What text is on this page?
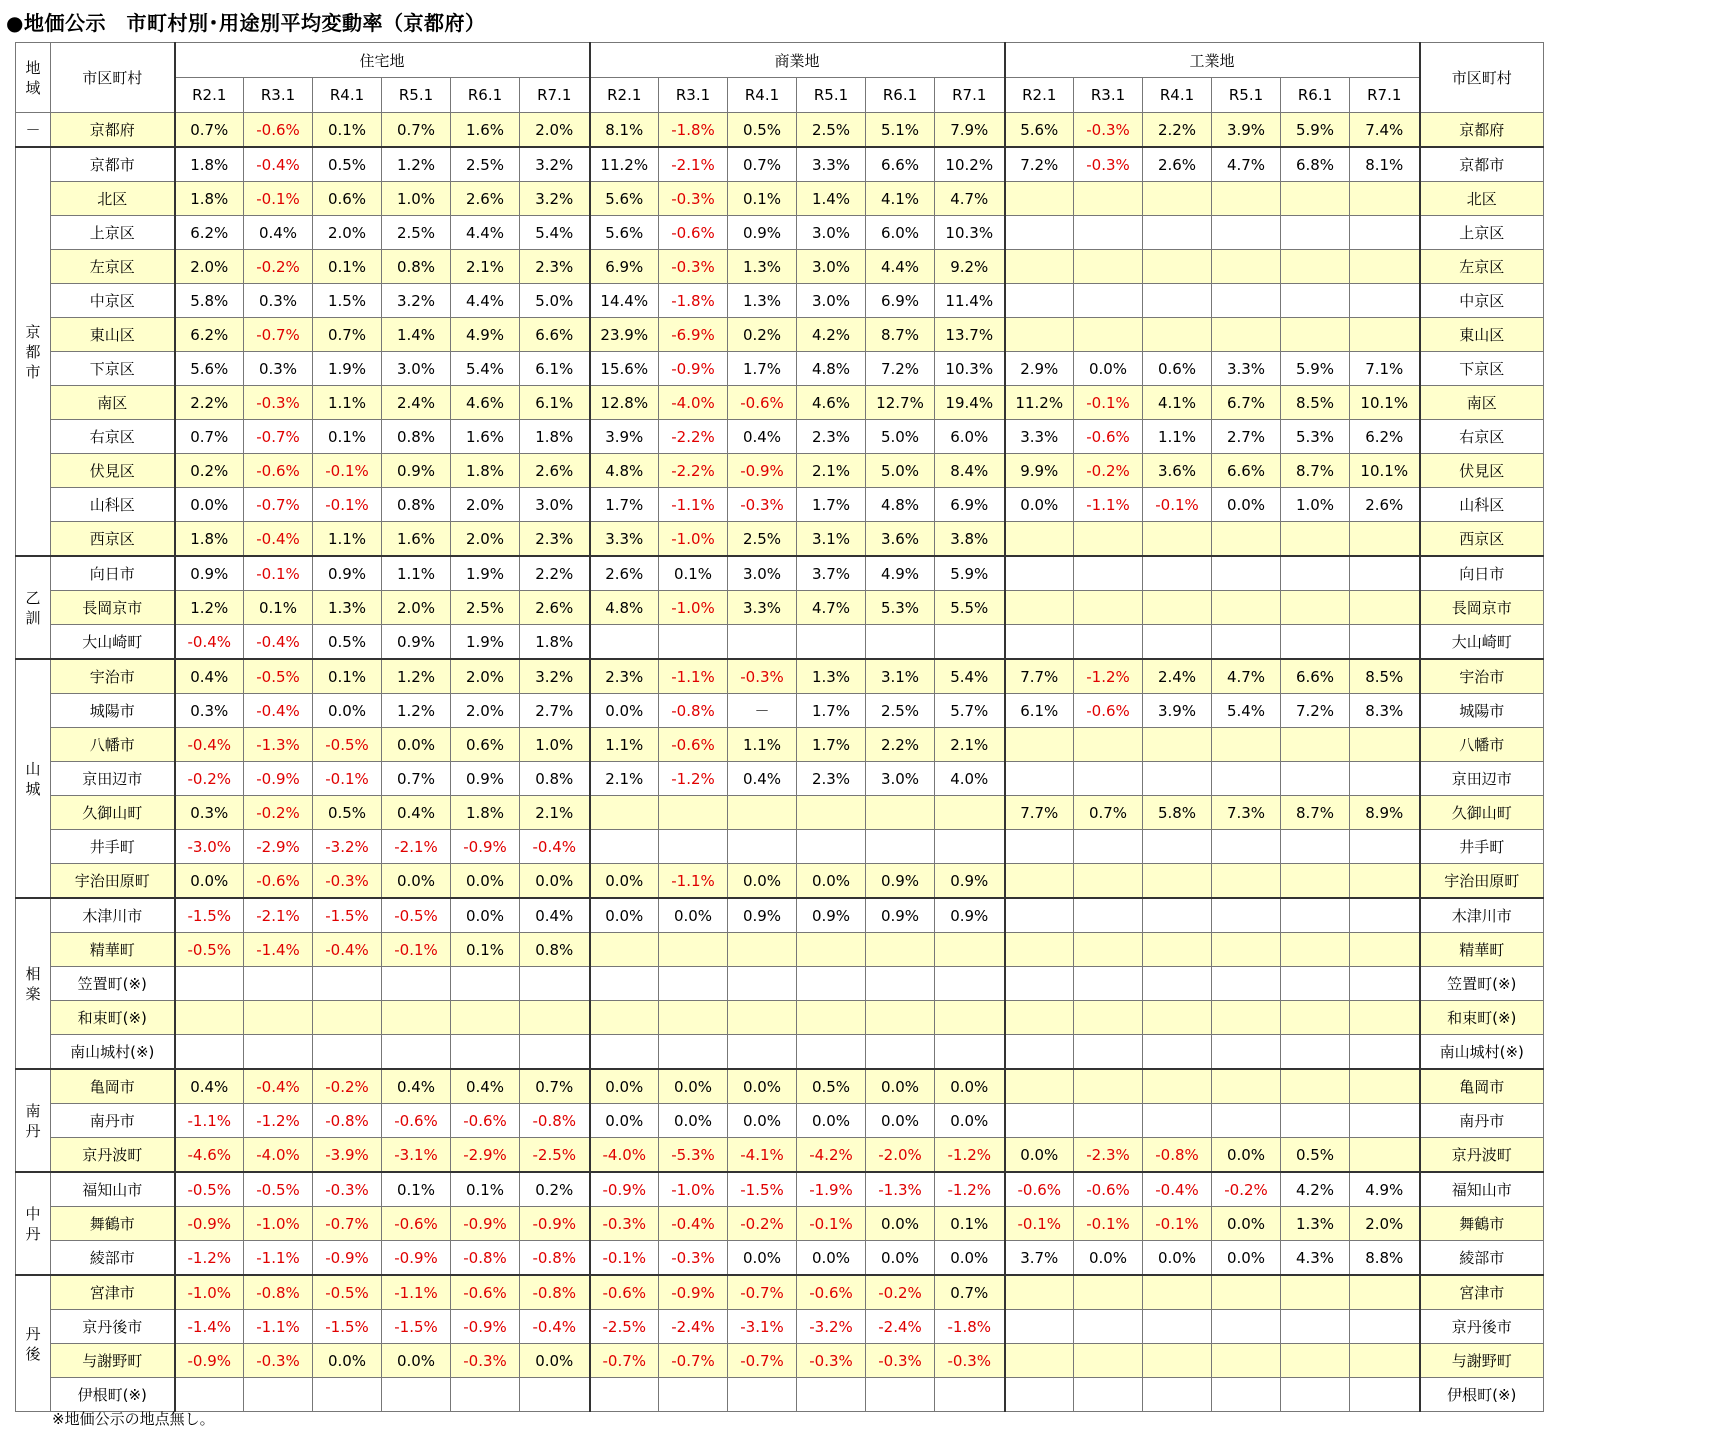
●地価公示　市町村別･用途別平均変動率（京都府）
地
域	市区町村	住宅地						商業地						工業地						市区町村
		R2.1	R3.1	R4.1	R5.1	R6.1	R7.1	R2.1	R3.1	R4.1	R5.1	R6.1	R7.1	R2.1	R3.1	R4.1	R5.1	R6.1	R7.1	
－	京都府	0.7%	-0.6%	0.1%	0.7%	1.6%	2.0%	8.1%	-1.8%	0.5%	2.5%	5.1%	7.9%	5.6%	-0.3%	2.2%	3.9%	5.9%	7.4%	京都府
京
都
市	京都市	1.8%	-0.4%	0.5%	1.2%	2.5%	3.2%	11.2%	-2.1%	0.7%	3.3%	6.6%	10.2%	7.2%	-0.3%	2.6%	4.7%	6.8%	8.1%	京都市
	北区	1.8%	-0.1%	0.6%	1.0%	2.6%	3.2%	5.6%	-0.3%	0.1%	1.4%	4.1%	4.7%							北区
	上京区	6.2%	0.4%	2.0%	2.5%	4.4%	5.4%	5.6%	-0.6%	0.9%	3.0%	6.0%	10.3%							上京区
	左京区	2.0%	-0.2%	0.1%	0.8%	2.1%	2.3%	6.9%	-0.3%	1.3%	3.0%	4.4%	9.2%							左京区
	中京区	5.8%	0.3%	1.5%	3.2%	4.4%	5.0%	14.4%	-1.8%	1.3%	3.0%	6.9%	11.4%							中京区
	東山区	6.2%	-0.7%	0.7%	1.4%	4.9%	6.6%	23.9%	-6.9%	0.2%	4.2%	8.7%	13.7%							東山区
	下京区	5.6%	0.3%	1.9%	3.0%	5.4%	6.1%	15.6%	-0.9%	1.7%	4.8%	7.2%	10.3%	2.9%	0.0%	0.6%	3.3%	5.9%	7.1%	下京区
	南区	2.2%	-0.3%	1.1%	2.4%	4.6%	6.1%	12.8%	-4.0%	-0.6%	4.6%	12.7%	19.4%	11.2%	-0.1%	4.1%	6.7%	8.5%	10.1%	南区
	右京区	0.7%	-0.7%	0.1%	0.8%	1.6%	1.8%	3.9%	-2.2%	0.4%	2.3%	5.0%	6.0%	3.3%	-0.6%	1.1%	2.7%	5.3%	6.2%	右京区
	伏見区	0.2%	-0.6%	-0.1%	0.9%	1.8%	2.6%	4.8%	-2.2%	-0.9%	2.1%	5.0%	8.4%	9.9%	-0.2%	3.6%	6.6%	8.7%	10.1%	伏見区
	山科区	0.0%	-0.7%	-0.1%	0.8%	2.0%	3.0%	1.7%	-1.1%	-0.3%	1.7%	4.8%	6.9%	0.0%	-1.1%	-0.1%	0.0%	1.0%	2.6%	山科区
	西京区	1.8%	-0.4%	1.1%	1.6%	2.0%	2.3%	3.3%	-1.0%	2.5%	3.1%	3.6%	3.8%							西京区
乙
訓	向日市	0.9%	-0.1%	0.9%	1.1%	1.9%	2.2%	2.6%	0.1%	3.0%	3.7%	4.9%	5.9%							向日市
	長岡京市	1.2%	0.1%	1.3%	2.0%	2.5%	2.6%	4.8%	-1.0%	3.3%	4.7%	5.3%	5.5%							長岡京市
	大山崎町	-0.4%	-0.4%	0.5%	0.9%	1.9%	1.8%													大山崎町
山
城	宇治市	0.4%	-0.5%	0.1%	1.2%	2.0%	3.2%	2.3%	-1.1%	-0.3%	1.3%	3.1%	5.4%	7.7%	-1.2%	2.4%	4.7%	6.6%	8.5%	宇治市
	城陽市	0.3%	-0.4%	0.0%	1.2%	2.0%	2.7%	0.0%	-0.8%	－	1.7%	2.5%	5.7%	6.1%	-0.6%	3.9%	5.4%	7.2%	8.3%	城陽市
	八幡市	-0.4%	-1.3%	-0.5%	0.0%	0.6%	1.0%	1.1%	-0.6%	1.1%	1.7%	2.2%	2.1%							八幡市
	京田辺市	-0.2%	-0.9%	-0.1%	0.7%	0.9%	0.8%	2.1%	-1.2%	0.4%	2.3%	3.0%	4.0%							京田辺市
	久御山町	0.3%	-0.2%	0.5%	0.4%	1.8%	2.1%							7.7%	0.7%	5.8%	7.3%	8.7%	8.9%	久御山町
	井手町	-3.0%	-2.9%	-3.2%	-2.1%	-0.9%	-0.4%													井手町
	宇治田原町	0.0%	-0.6%	-0.3%	0.0%	0.0%	0.0%	0.0%	-1.1%	0.0%	0.0%	0.9%	0.9%							宇治田原町
相
楽	木津川市	-1.5%	-2.1%	-1.5%	-0.5%	0.0%	0.4%	0.0%	0.0%	0.9%	0.9%	0.9%	0.9%							木津川市
	精華町	-0.5%	-1.4%	-0.4%	-0.1%	0.1%	0.8%													精華町
	笠置町(※)																			笠置町(※)
	和束町(※)																			和束町(※)
	南山城村(※)																			南山城村(※)
南
丹	亀岡市	0.4%	-0.4%	-0.2%	0.4%	0.4%	0.7%	0.0%	0.0%	0.0%	0.5%	0.0%	0.0%							亀岡市
	南丹市	-1.1%	-1.2%	-0.8%	-0.6%	-0.6%	-0.8%	0.0%	0.0%	0.0%	0.0%	0.0%	0.0%							南丹市
	京丹波町	-4.6%	-4.0%	-3.9%	-3.1%	-2.9%	-2.5%	-4.0%	-5.3%	-4.1%	-4.2%	-2.0%	-1.2%	0.0%	-2.3%	-0.8%	0.0%	0.5%		京丹波町
中
丹	福知山市	-0.5%	-0.5%	-0.3%	0.1%	0.1%	0.2%	-0.9%	-1.0%	-1.5%	-1.9%	-1.3%	-1.2%	-0.6%	-0.6%	-0.4%	-0.2%	4.2%	4.9%	福知山市
	舞鶴市	-0.9%	-1.0%	-0.7%	-0.6%	-0.9%	-0.9%	-0.3%	-0.4%	-0.2%	-0.1%	0.0%	0.1%	-0.1%	-0.1%	-0.1%	0.0%	1.3%	2.0%	舞鶴市
	綾部市	-1.2%	-1.1%	-0.9%	-0.9%	-0.8%	-0.8%	-0.1%	-0.3%	0.0%	0.0%	0.0%	0.0%	3.7%	0.0%	0.0%	0.0%	4.3%	8.8%	綾部市
丹
後	宮津市	-1.0%	-0.8%	-0.5%	-1.1%	-0.6%	-0.8%	-0.6%	-0.9%	-0.7%	-0.6%	-0.2%	0.7%							宮津市
	京丹後市	-1.4%	-1.1%	-1.5%	-1.5%	-0.9%	-0.4%	-2.5%	-2.4%	-3.1%	-3.2%	-2.4%	-1.8%							京丹後市
	与謝野町	-0.9%	-0.3%	0.0%	0.0%	-0.3%	0.0%	-0.7%	-0.7%	-0.7%	-0.3%	-0.3%	-0.3%							与謝野町
	伊根町(※)																			伊根町(※)
※地価公示の地点無し。
